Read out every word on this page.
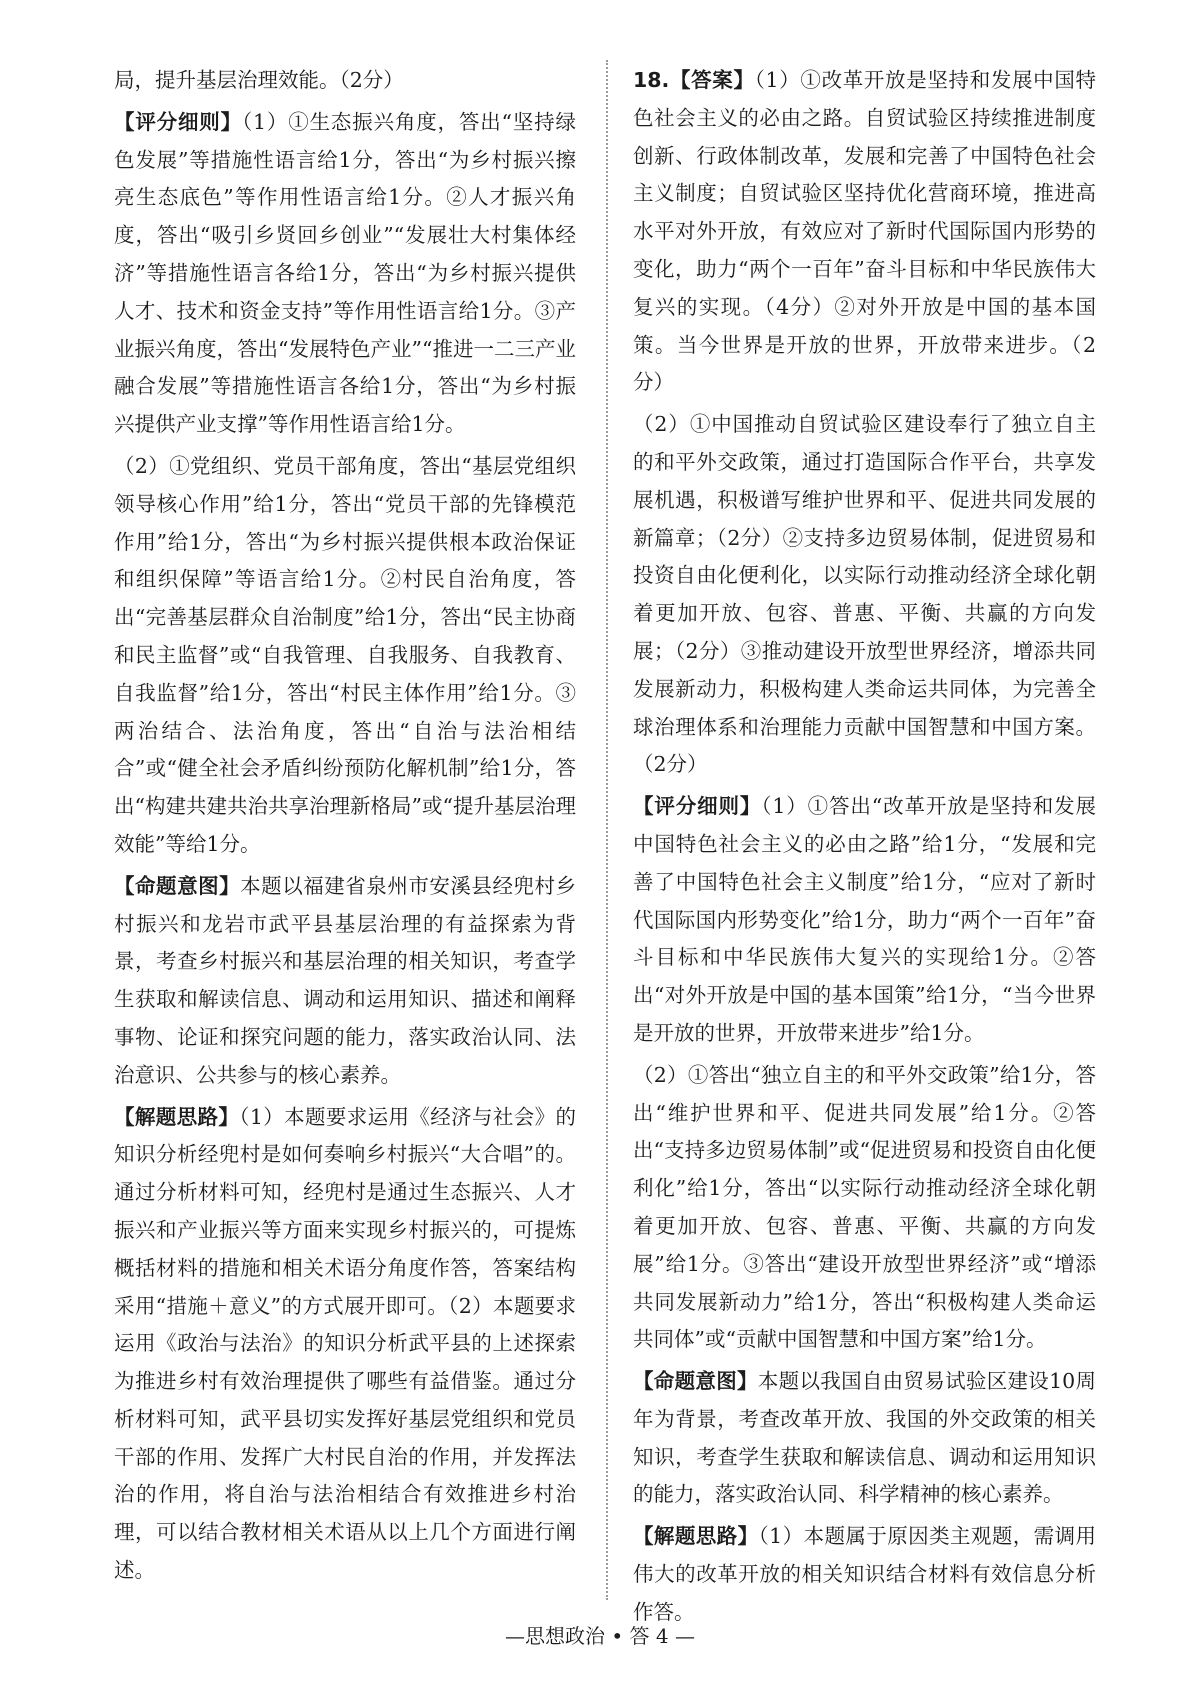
局，提升基层治理效能。（2分）

【评分细则】（1）①生态振兴角度，答出“坚持绿色发展”等措施性语言给1分，答出“为乡村振兴擦亮生态底色”等作用性语言给1分。②人才振兴角度，答出“吸引乡贤回乡创业”“发展壮大村集体经济”等措施性语言各给1分，答出“为乡村振兴提供人才、技术和资金支持”等作用性语言给1分。③产业振兴角度，答出“发展特色产业”“推进一二三产业融合发展”等措施性语言各给1分，答出“为乡村振兴提供产业支撑”等作用性语言给1分。

（2）①党组织、党员干部角度，答出“基层党组织领导核心作用”给1分，答出“党员干部的先锋模范作用”给1分，答出“为乡村振兴提供根本政治保证和组织保障”等语言给1分。②村民自治角度，答出“完善基层群众自治制度”给1分，答出“民主协商和民主监督”或“自我管理、自我服务、自我教育、自我监督”给1分，答出“村民主体作用”给1分。③两治结合、法治角度，答出“自治与法治相结合”或“健全社会矛盾纠纷预防化解机制”给1分，答出“构建共建共治共享治理新格局”或“提升基层治理效能”等给1分。

【命题意图】本题以福建省泉州市安溪县经兜村乡村振兴和龙岩市武平县基层治理的有益探索为背景，考查乡村振兴和基层治理的相关知识，考查学生获取和解读信息、调动和运用知识、描述和阐释事物、论证和探究问题的能力，落实政治认同、法治意识、公共参与的核心素养。

【解题思路】（1）本题要求运用《经济与社会》的知识分析经兜村是如何奏响乡村振兴“大合唱”的。通过分析材料可知，经兜村是通过生态振兴、人才振兴和产业振兴等方面来实现乡村振兴的，可提炼概括材料的措施和相关术语分角度作答，答案结构采用“措施＋意义”的方式展开即可。（2）本题要求运用《政治与法治》的知识分析武平县的上述探索为推进乡村有效治理提供了哪些有益借鉴。通过分析材料可知，武平县切实发挥好基层党组织和党员干部的作用、发挥广大村民自治的作用，并发挥法治的作用，将自治与法治相结合有效推进乡村治理，可以结合教材相关术语从以上几个方面进行阐述。

18.【答案】（1）①改革开放是坚持和发展中国特色社会主义的必由之路。自贸试验区持续推进制度创新、行政体制改革，发展和完善了中国特色社会主义制度；自贸试验区坚持优化营商环境，推进高水平对外开放，有效应对了新时代国际国内形势的变化，助力“两个一百年”奋斗目标和中华民族伟大复兴的实现。（4分）②对外开放是中国的基本国策。当今世界是开放的世界，开放带来进步。（2分）

（2）①中国推动自贸试验区建设奉行了独立自主的和平外交政策，通过打造国际合作平台，共享发展机遇，积极谱写维护世界和平、促进共同发展的新篇章；（2分）②支持多边贸易体制，促进贸易和投资自由化便利化，以实际行动推动经济全球化朝着更加开放、包容、普惠、平衡、共赢的方向发展；（2分）③推动建设开放型世界经济，增添共同发展新动力，积极构建人类命运共同体，为完善全球治理体系和治理能力贡献中国智慧和中国方案。（2分）

【评分细则】（1）①答出“改革开放是坚持和发展中国特色社会主义的必由之路”给1分，“发展和完善了中国特色社会主义制度”给1分，“应对了新时代国际国内形势变化”给1分，助力“两个一百年”奋斗目标和中华民族伟大复兴的实现给1分。②答出“对外开放是中国的基本国策”给1分，“当今世界是开放的世界，开放带来进步”给1分。

（2）①答出“独立自主的和平外交政策”给1分，答出“维护世界和平、促进共同发展”给1分。②答出“支持多边贸易体制”或“促进贸易和投资自由化便利化”给1分，答出“以实际行动推动经济全球化朝着更加开放、包容、普惠、平衡、共赢的方向发展”给1分。③答出“建设开放型世界经济”或“增添共同发展新动力”给1分，答出“积极构建人类命运共同体”或“贡献中国智慧和中国方案”给1分。

【命题意图】本题以我国自由贸易试验区建设10周年为背景，考查改革开放、我国的外交政策的相关知识，考查学生获取和解读信息、调动和运用知识的能力，落实政治认同、科学精神的核心素养。

【解题思路】（1）本题属于原因类主观题，需调用伟大的改革开放的相关知识结合材料有效信息分析作答。

—思想政治 • 答 4 —
